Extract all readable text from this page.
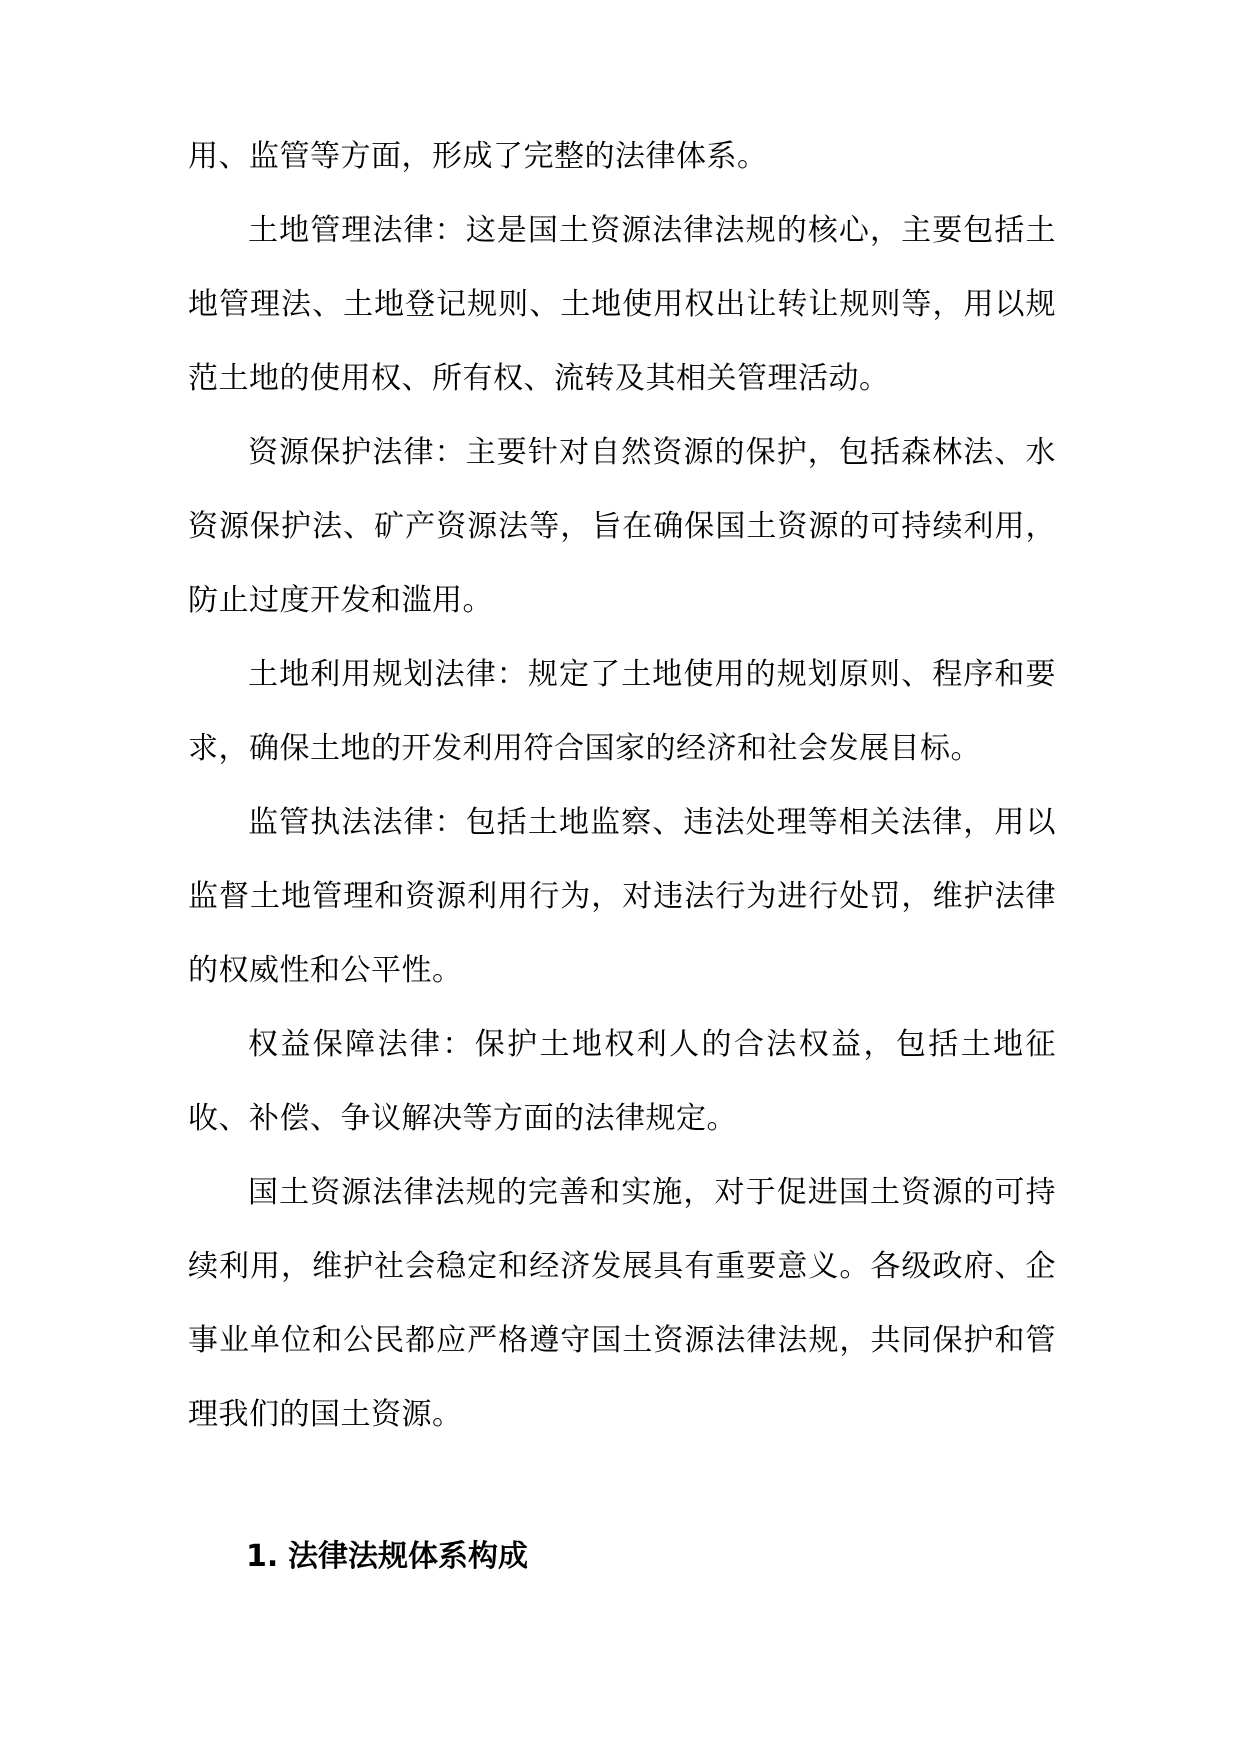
用、监管等方面，形成了完整的法律体系。

土地管理法律：这是国土资源法律法规的核心，主要包括土地管理法、土地登记规则、土地使用权出让转让规则等，用以规范土地的使用权、所有权、流转及其相关管理活动。

资源保护法律：主要针对自然资源的保护，包括森林法、水资源保护法、矿产资源法等，旨在确保国土资源的可持续利用，防止过度开发和滥用。

土地利用规划法律：规定了土地使用的规划原则、程序和要求，确保土地的开发利用符合国家的经济和社会发展目标。

监管执法法律：包括土地监察、违法处理等相关法律，用以监督土地管理和资源利用行为，对违法行为进行处罚，维护法律的权威性和公平性。

权益保障法律：保护土地权利人的合法权益，包括土地征收、补偿、争议解决等方面的法律规定。

国土资源法律法规的完善和实施，对于促进国土资源的可持续利用，维护社会稳定和经济发展具有重要意义。各级政府、企事业单位和公民都应严格遵守国土资源法律法规，共同保护和管理我们的国土资源。

1. 法律法规体系构成
